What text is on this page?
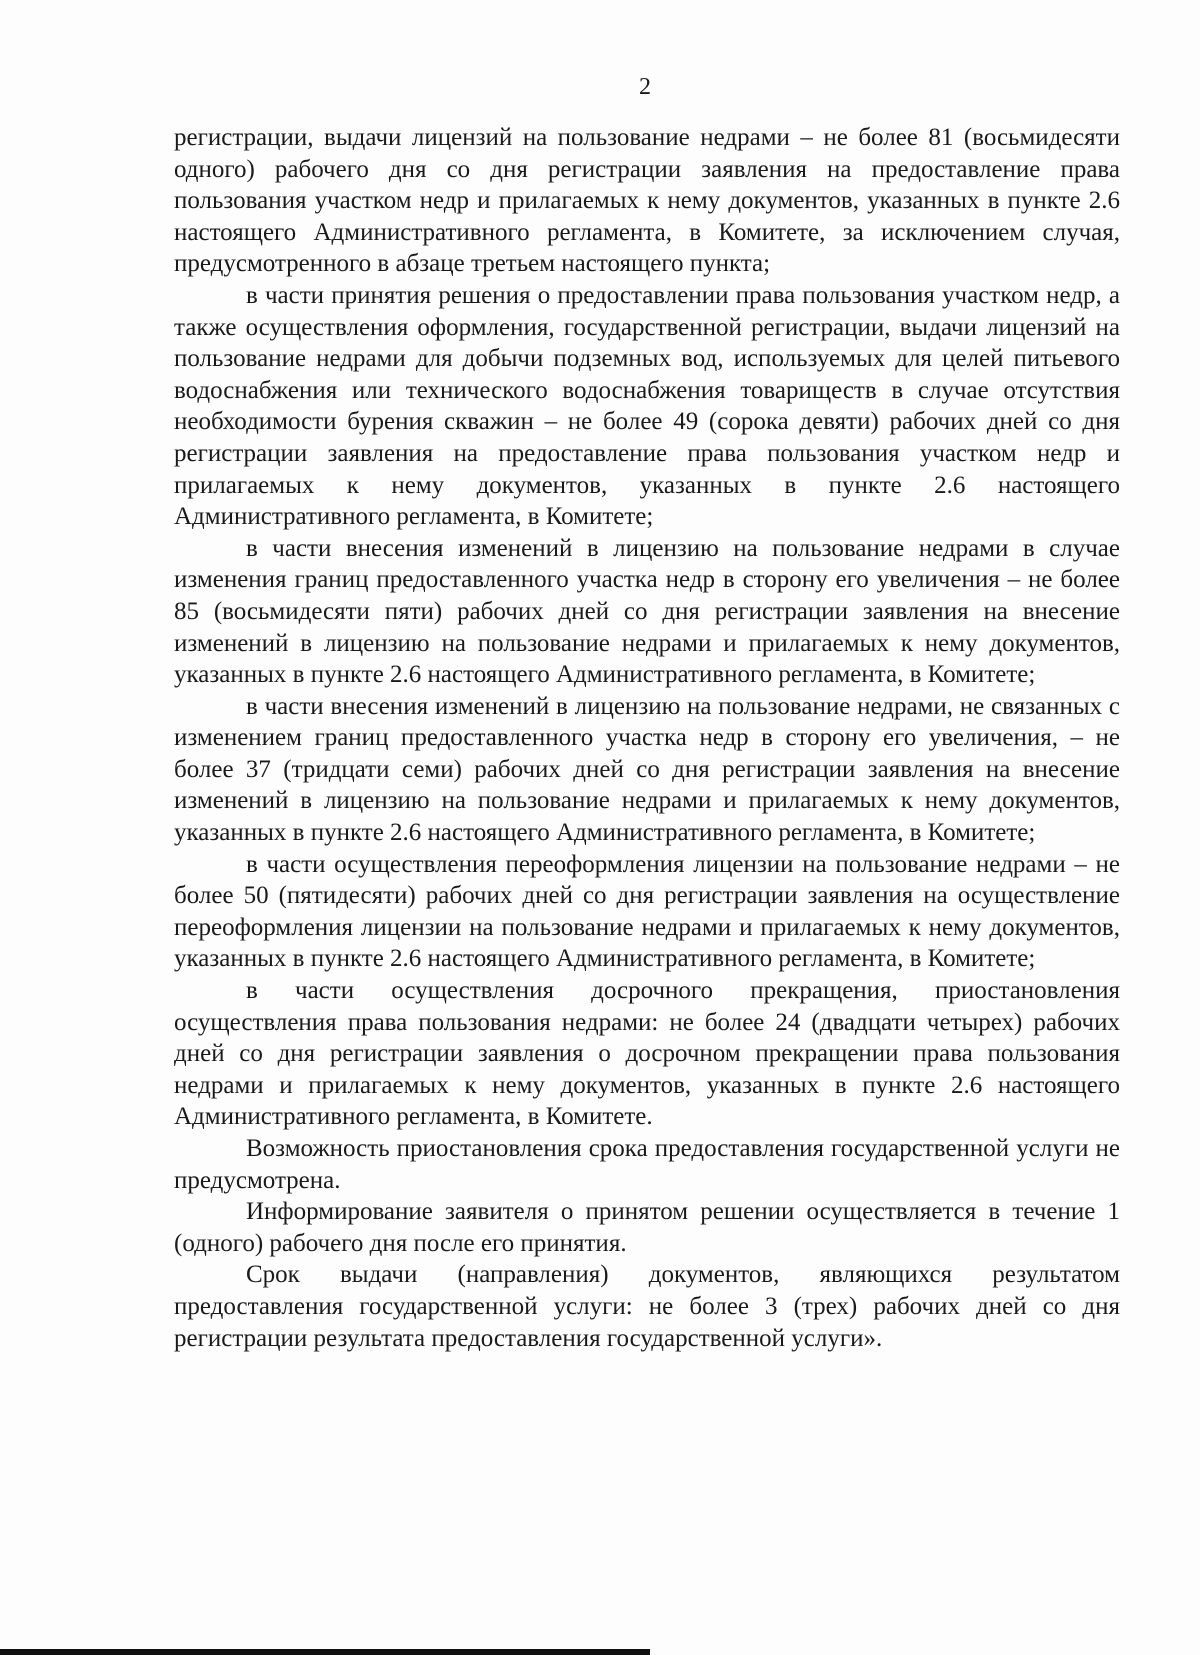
2

регистрации, выдачи лицензий на пользование недрами – не более 81 (восьмидесяти одного) рабочего дня со дня регистрации заявления на предоставление права пользования участком недр и прилагаемых к нему документов, указанных в пункте 2.6 настоящего Административного регламента, в Комитете, за исключением случая, предусмотренного в абзаце третьем настоящего пункта;

в части принятия решения о предоставлении права пользования участком недр, а также осуществления оформления, государственной регистрации, выдачи лицензий на пользование недрами для добычи подземных вод, используемых для целей питьевого водоснабжения или технического водоснабжения товариществ в случае отсутствия необходимости бурения скважин – не более 49 (сорока девяти) рабочих дней со дня регистрации заявления на предоставление права пользования участком недр и прилагаемых к нему документов, указанных в пункте 2.6 настоящего Административного регламента, в Комитете;

в части внесения изменений в лицензию на пользование недрами в случае изменения границ предоставленного участка недр в сторону его увеличения – не более 85 (восьмидесяти пяти) рабочих дней со дня регистрации заявления на внесение изменений в лицензию на пользование недрами и прилагаемых к нему документов, указанных в пункте 2.6 настоящего Административного регламента, в Комитете;

в части внесения изменений в лицензию на пользование недрами, не связанных с изменением границ предоставленного участка недр в сторону его увеличения, – не более 37 (тридцати семи) рабочих дней со дня регистрации заявления на внесение изменений в лицензию на пользование недрами и прилагаемых к нему документов, указанных в пункте 2.6 настоящего Административного регламента, в Комитете;

в части осуществления переоформления лицензии на пользование недрами – не более 50 (пятидесяти) рабочих дней со дня регистрации заявления на осуществление переоформления лицензии на пользование недрами и прилагаемых к нему документов, указанных в пункте 2.6 настоящего Административного регламента, в Комитете;

в части осуществления досрочного прекращения, приостановления осуществления права пользования недрами: не более 24 (двадцати четырех) рабочих дней со дня регистрации заявления о досрочном прекращении права пользования недрами и прилагаемых к нему документов, указанных в пункте 2.6 настоящего Административного регламента, в Комитете.

Возможность приостановления срока предоставления государственной услуги не предусмотрена.

Информирование заявителя о принятом решении осуществляется в течение 1 (одного) рабочего дня после его принятия.

Срок выдачи (направления) документов, являющихся результатом предоставления государственной услуги: не более 3 (трех) рабочих дней со дня регистрации результата предоставления государственной услуги».
